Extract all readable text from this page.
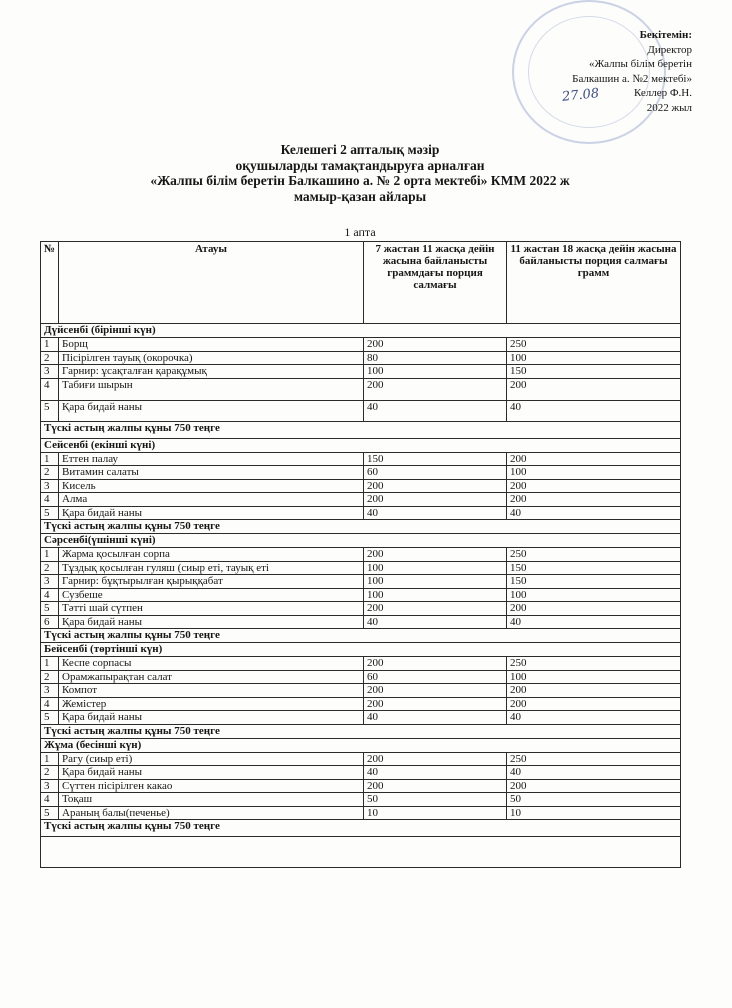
27.08
Бекітемін:
Директор
«Жалпы білім беретін
Балкашин а. №2 мектебі»
Келлер Ф.Н.
2022 жыл
Келешегі 2 апталық мәзір
оқушыларды тамақтандыруға арналған
«Жалпы білім беретін Балкашино а. № 2 орта мектебі» КММ 2022 ж
мамыр-қазан айлары
1 апта
№	Атауы	7 жастан 11 жасқа дейін жасына байланысты граммдағы порция салмағы	11 жастан 18 жасқа дейін жасына байланысты порция салмағы грамм
Дүйсенбі (бірінші күн)			
1	Борщ	200	250
2	Пісірілген тауық (окорочка)	80	100
3	Гарнир: ұсақталған қарақұмық	100	150
4	Табиғи шырын	200	200
5	Қара бидай наны	40	40
Түскі астың жалпы құны 750 теңге			
Сейсенбі (екінші күні)			
1	Еттен палау	150	200
2	Витамин салаты	60	100
3	Кисель	200	200
4	Алма	200	200
5	Қара бидай наны	40	40
Түскі астың жалпы құны 750 теңге			
Сәрсенбі(үшінші күні)			
1	Жарма қосылған сорпа	200	250
2	Тұздық қосылған гуляш (сиыр еті, тауық еті	100	150
3	Гарнир: бұқтырылған қырыққабат	100	150
4	Сузбеше	100	100
5	Тәтті шай сүтпен	200	200
6	Қара бидай наны	40	40
Түскі астың жалпы құны 750 теңге			
Бейсенбі (төртінші күн)			
1	Кеспе сорпасы	200	250
2	Орамжапырақтан салат	60	100
3	Компот	200	200
4	Жемістер	200	200
5	Қара бидай наны	40	40
Түскі астың жалпы құны 750 теңге			
Жұма (бесінші күн)			
1	Рагу (сиыр еті)	200	250
2	Қара бидай наны	40	40
3	Сүттен пісірілген какао	200	200
4	Тоқаш	50	50
5	Араның балы(печенье)	10	10
Түскі астың жалпы құны 750 теңге			
